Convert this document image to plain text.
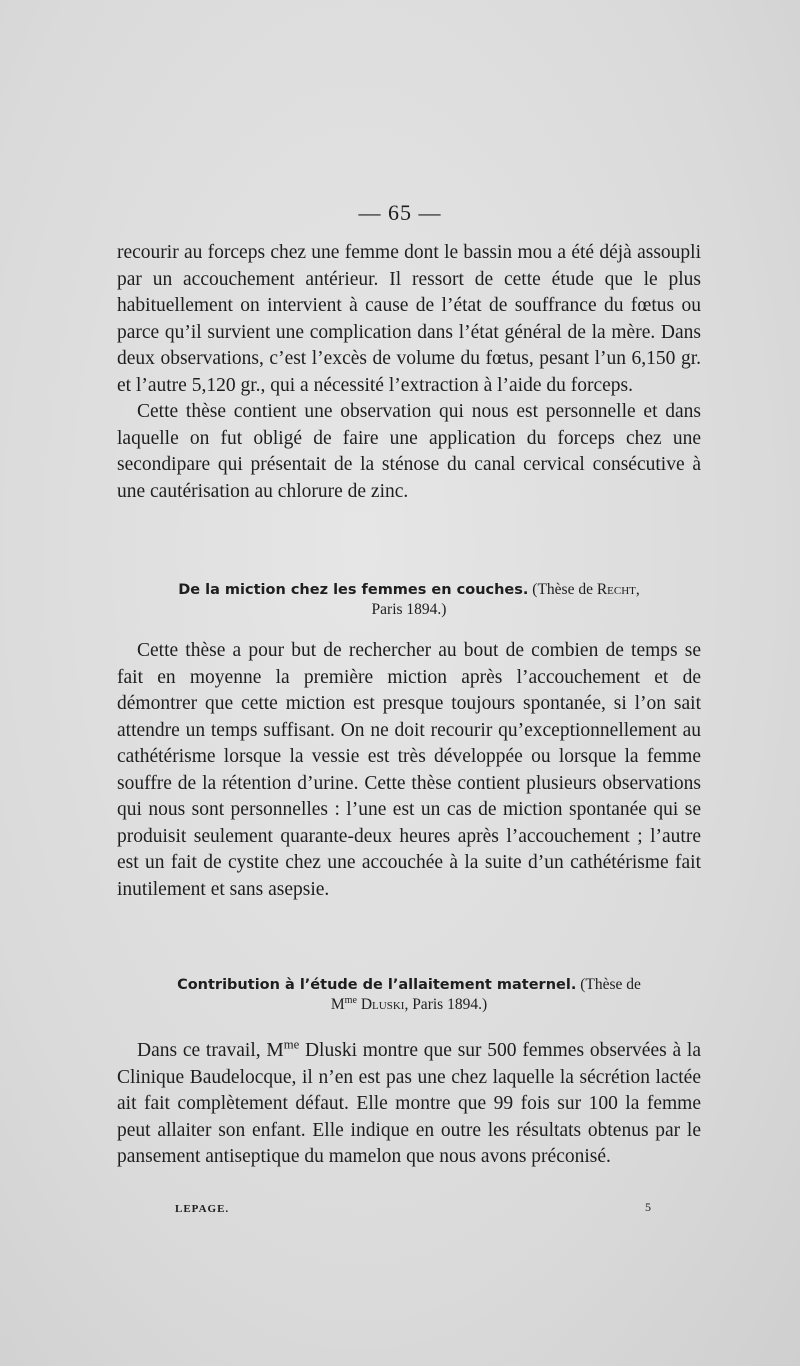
— 65 —

recourir au forceps chez une femme dont le bassin mou a été déjà assoupli par un accouchement antérieur. Il ressort de cette étude que le plus habituellement on intervient à cause de l’état de souffrance du fœtus ou parce qu’il survient une complication dans l’état général de la mère. Dans deux observations, c’est l’excès de volume du fœtus, pesant l’un 6,150 gr. et l’autre 5,120 gr., qui a nécessité l’extraction à l’aide du forceps.

Cette thèse contient une observation qui nous est personnelle et dans laquelle on fut obligé de faire une application du forceps chez une secondipare qui présentait de la sténose du canal cervical consécutive à une cautérisation au chlorure de zinc.

De la miction chez les femmes en couches. (Thèse de Recht,
Paris 1894.)

Cette thèse a pour but de rechercher au bout de combien de temps se fait en moyenne la première miction après l’accouchement et de démontrer que cette miction est presque toujours spontanée, si l’on sait attendre un temps suffisant. On ne doit recourir qu’exceptionnellement au cathétérisme lorsque la vessie est très développée ou lorsque la femme souffre de la rétention d’urine. Cette thèse contient plusieurs observations qui nous sont personnelles : l’une est un cas de miction spontanée qui se produisit seulement quarante-deux heures après l’accouchement ; l’autre est un fait de cystite chez une accouchée à la suite d’un cathétérisme fait inutilement et sans asepsie.

Contribution à l’étude de l’allaitement maternel. (Thèse de
$M^{me}$ Dluski, Paris 1894.)

Dans ce travail, $M^{me}$ Dluski montre que sur 500 femmes observées à la Clinique Baudelocque, il n’en est pas une chez laquelle la sécrétion lactée ait fait complètement défaut. Elle montre que 99 fois sur 100 la femme peut allaiter son enfant. Elle indique en outre les résultats obtenus par le pansement antiseptique du mamelon que nous avons préconisé.

LEPAGE.	5
